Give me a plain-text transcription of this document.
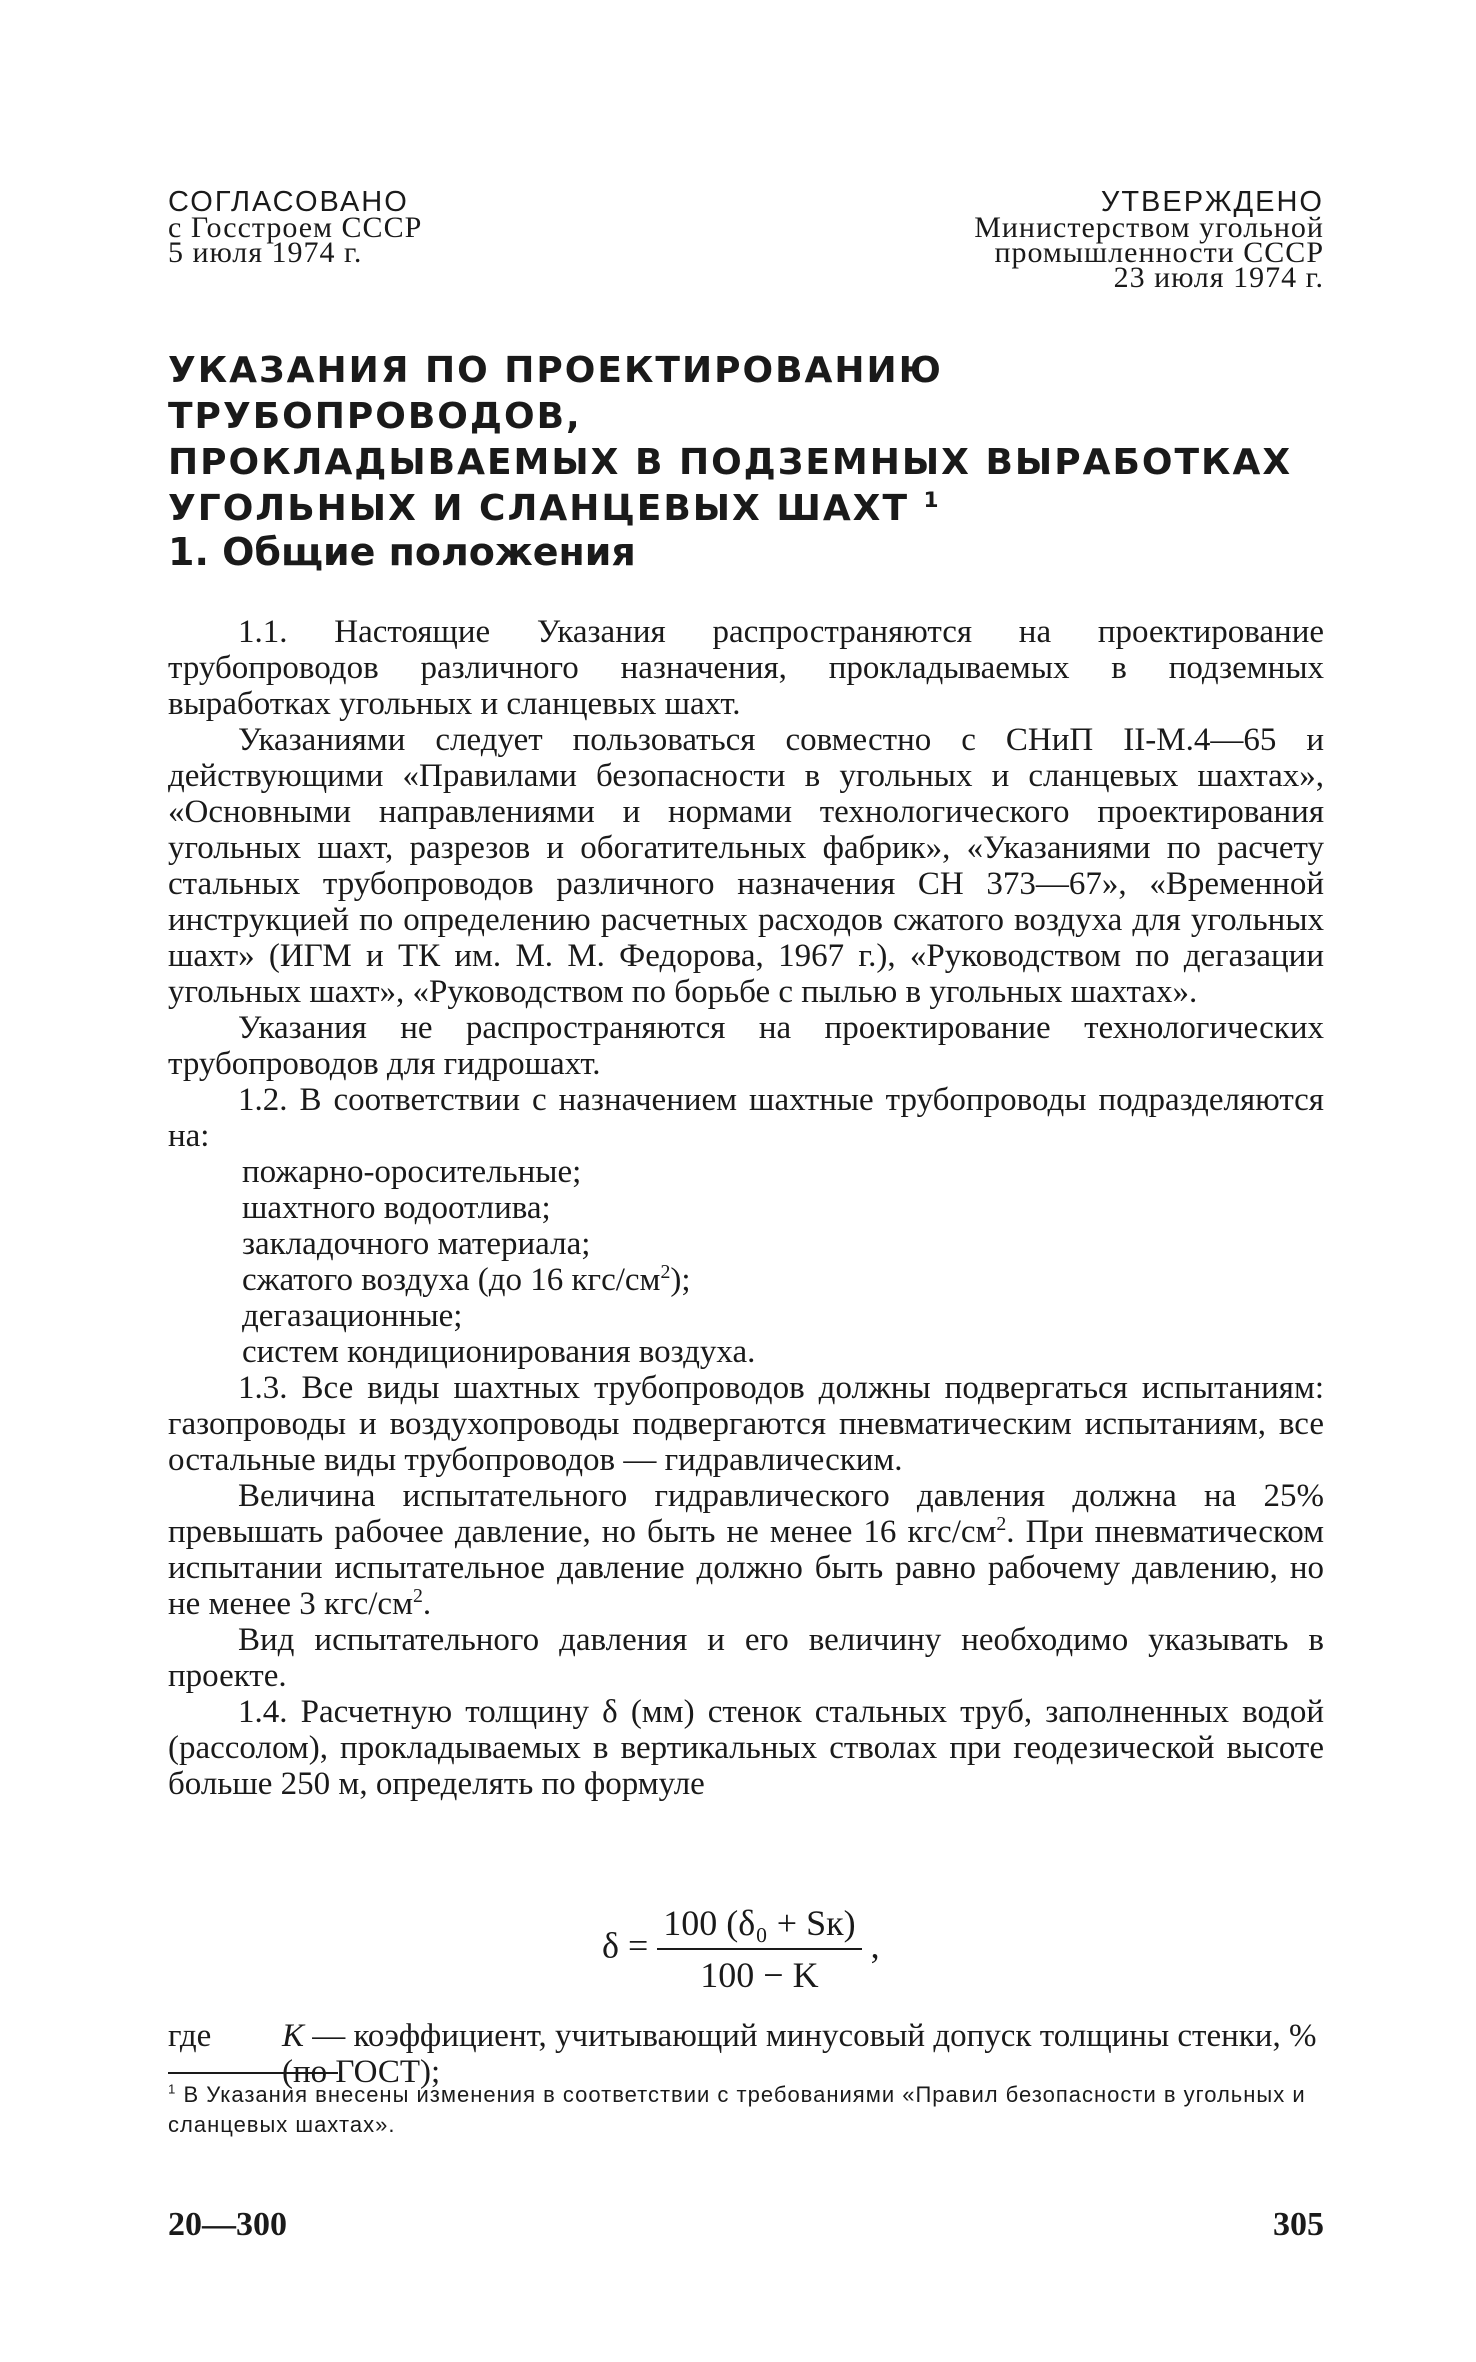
СОГЛАСОВАНО
с Госстроем СССР
5 июля 1974 г.
УТВЕРЖДЕНО
Министерством угольной
промышленности СССР
23 июля 1974 г.

УКАЗАНИЯ ПО ПРОЕКТИРОВАНИЮ ТРУБОПРОВОДОВ,

ПРОКЛАДЫВАЕМЫХ В ПОДЗЕМНЫХ ВЫРАБОТКАХ

УГОЛЬНЫХ И СЛАНЦЕВЫХ ШАХТ $^1$

1. Общие положения

1.1. Настоящие Указания распространяются на проектирование трубопроводов различного назначения, прокладываемых в подземных выработках угольных и сланцевых шахт.

Указаниями следует пользоваться совместно с СНиП II-М.4—65 и действующими «Правилами безопасности в угольных и сланцевых шахтах», «Основными направлениями и нормами технологического проектирования угольных шахт, разрезов и обогатительных фабрик», «Указаниями по расчету стальных трубопроводов различного назначения СН 373—67», «Временной инструкцией по определению расчетных расходов сжатого воздуха для угольных шахт» (ИГМ и ТК им. М. М. Федорова, 1967 г.), «Руководством по дегазации угольных шахт», «Руководством по борьбе с пылью в угольных шахтах».

Указания не распространяются на проектирование технологических трубопроводов для гидрошахт.

1.2. В соответствии с назначением шахтные трубопроводы подразделяются на:

пожарно-оросительные;

шахтного водоотлива;

закладочного материала;

сжатого воздуха (до 16 кгс/$см^2$);

дегазационные;

систем кондиционирования воздуха.

1.3. Все виды шахтных трубопроводов должны подвергаться испытаниям: газопроводы и воздухопроводы подвергаются пневматическим испытаниям, все остальные виды трубопроводов — гидравлическим.

Величина испытательного гидравлического давления должна на 25% превышать рабочее давление, но быть не менее 16 кгс/$см^2$. При пневматическом испытании испытательное давление должно быть равно рабочему давлению, но не менее 3 кгс/$см^2$.

Вид испытательного давления и его величину необходимо указывать в проекте.

1.4. Расчетную толщину δ (мм) стенок стальных труб, заполненных водой (рассолом), прокладываемых в вертикальных стволах при геодезической высоте больше 250 м, определять по формуле

$\delta = \frac{\text{100 (δ₀ + Sк)}}{100 - K}$ ,
где K — коэффициент, учитывающий минусовый допуск толщины стенки, % (по ГОСТ);
$^1$ В Указания внесены изменения в соответствии с требованиями «Правил безопасности в угольных и сланцевых шахтах».
20—300	305
